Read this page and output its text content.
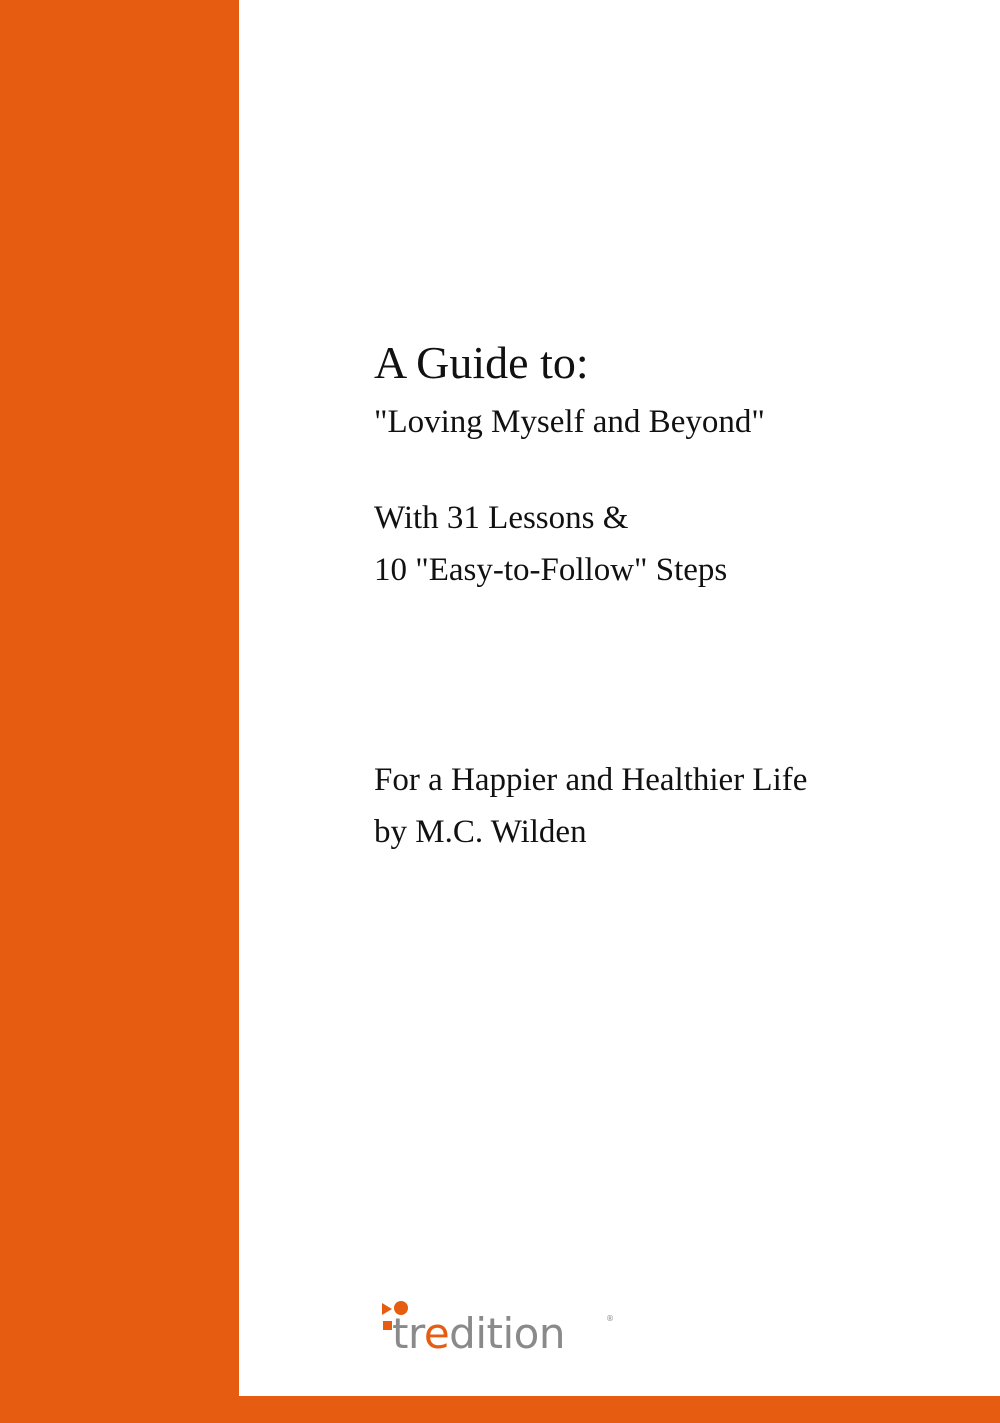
A Guide to:
"Loving Myself and Beyond"
With 31 Lessons &
10 "Easy-to-Follow" Steps
For a Happier and Healthier Life
by M.C. Wilden
tredition	®
